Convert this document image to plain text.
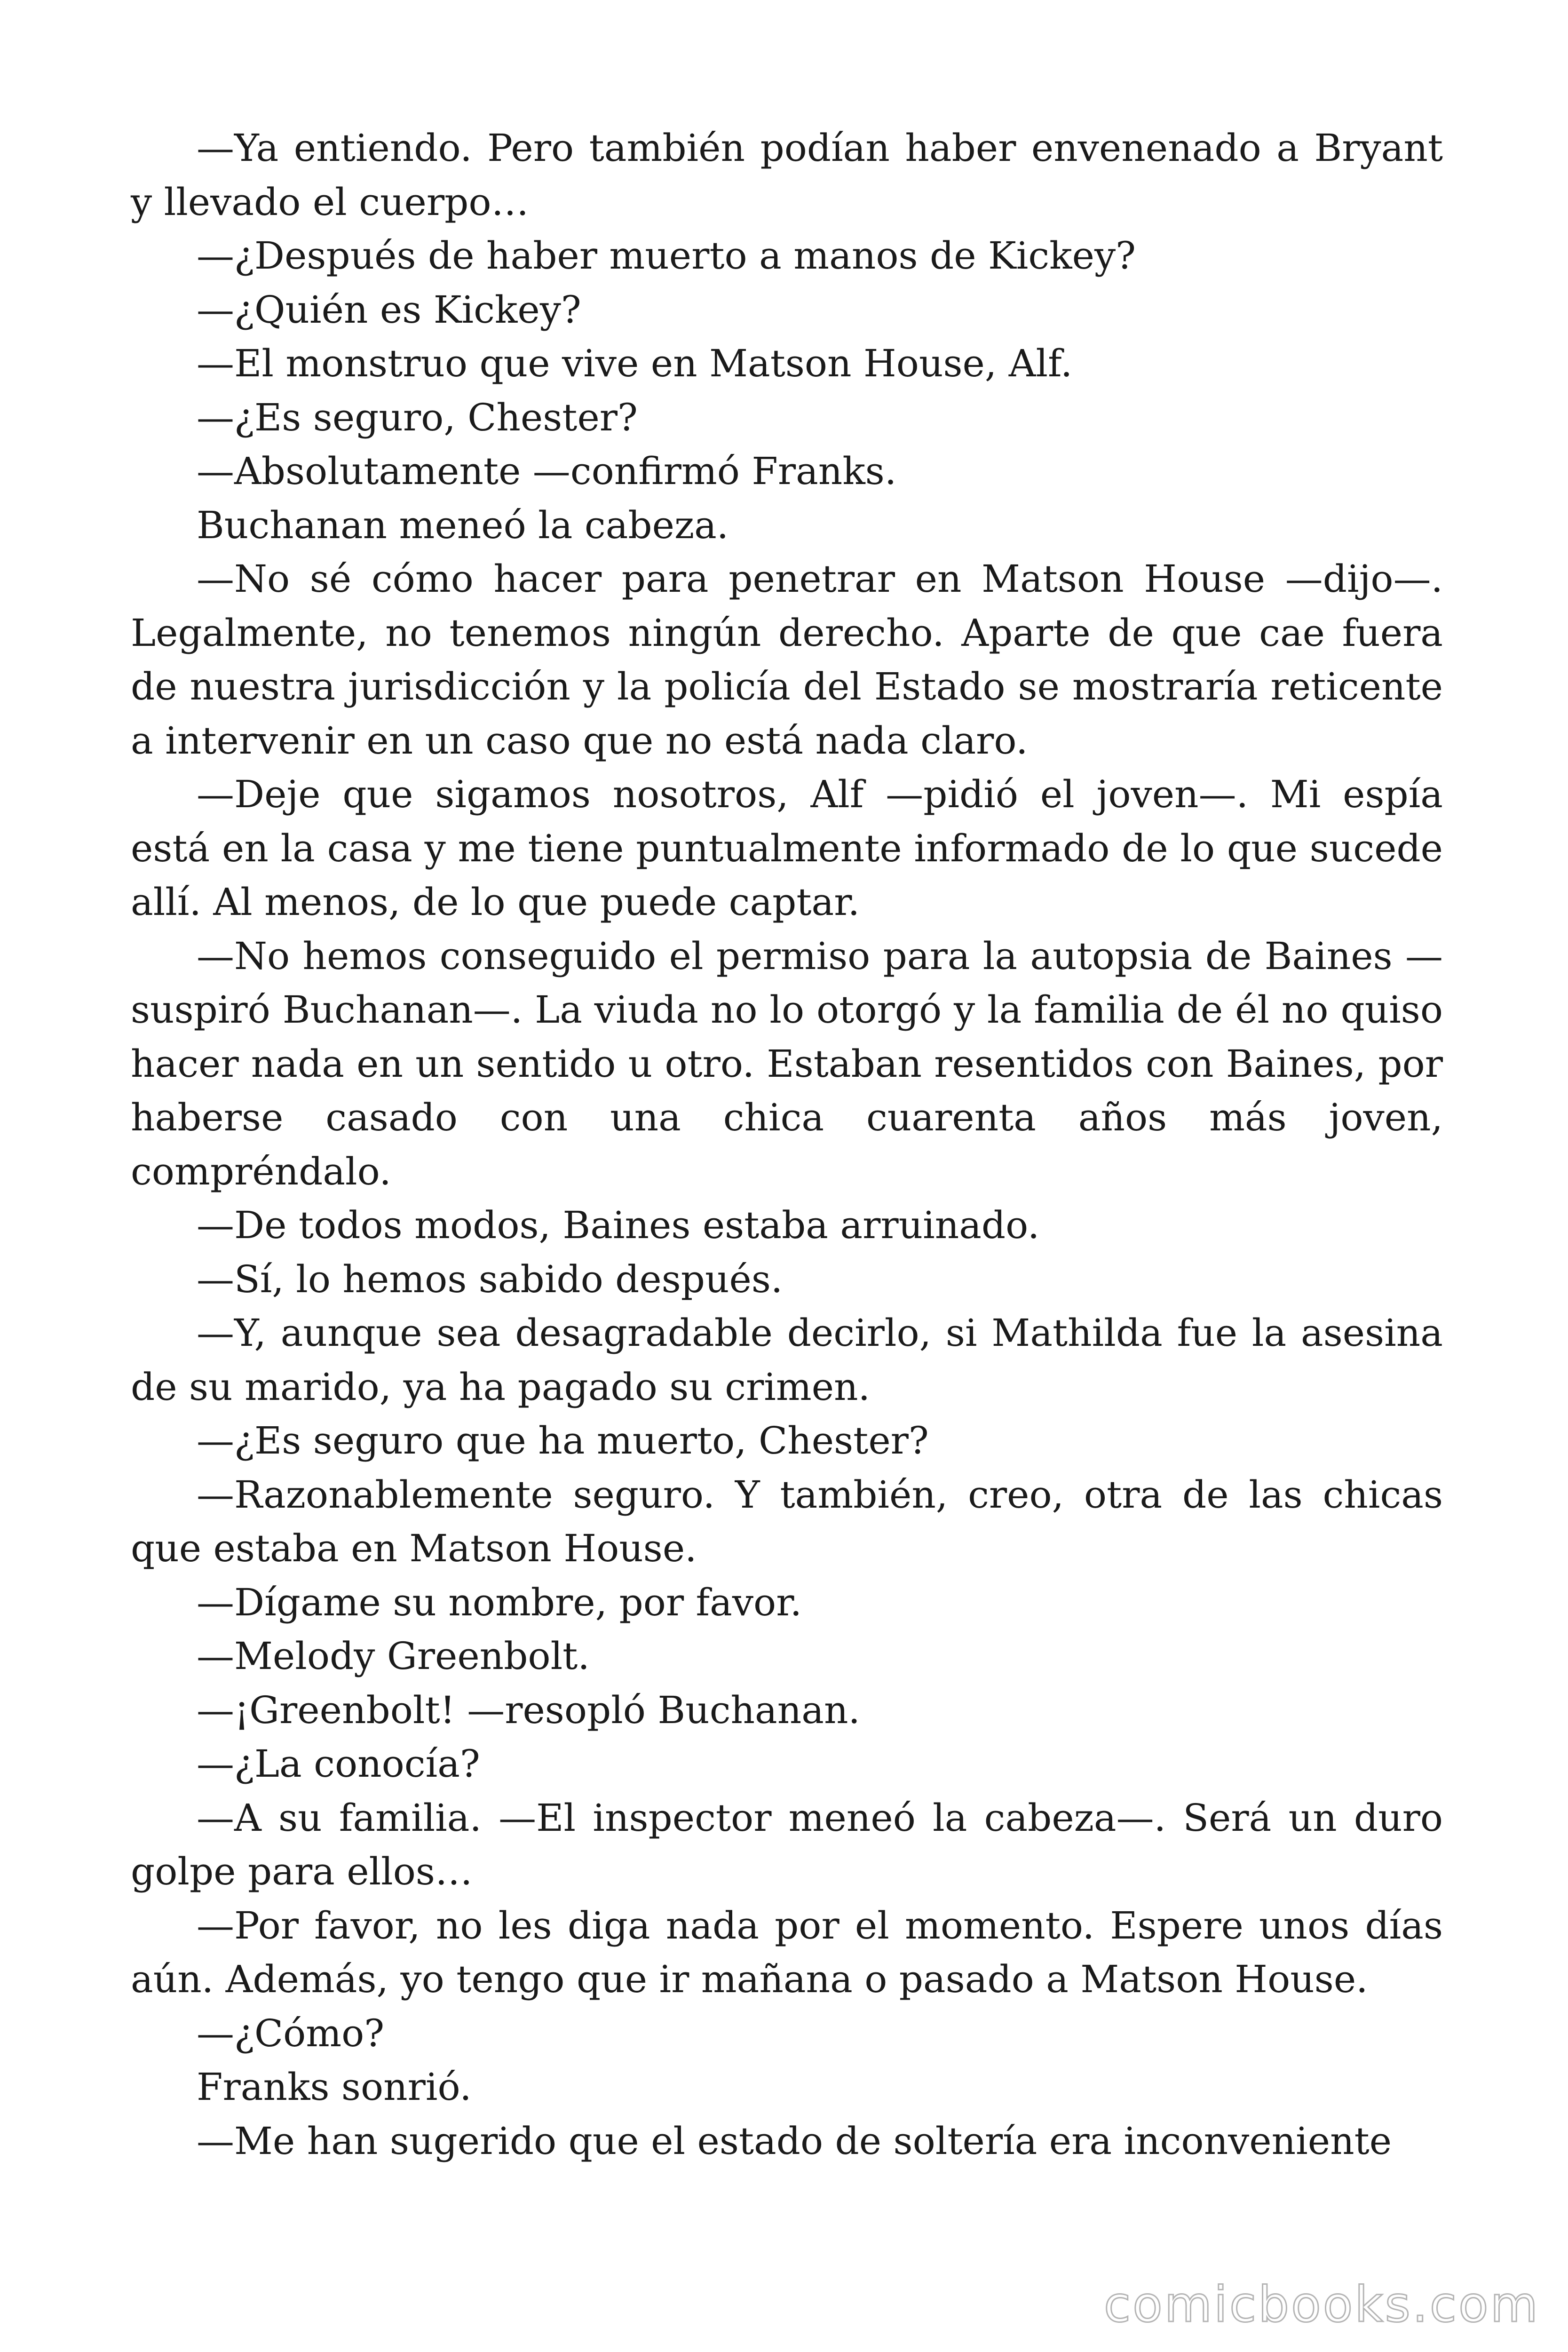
—Ya entiendo. Pero también podían haber envenenado a Bryant y llevado el cuerpo…

—¿Después de haber muerto a manos de Kickey?

—¿Quién es Kickey?

—El monstruo que vive en Matson House, Alf.

—¿Es seguro, Chester?

—Absolutamente —confirmó Franks.

Buchanan meneó la cabeza.

—No sé cómo hacer para penetrar en Matson House —dijo—. Legalmente, no tenemos ningún derecho. Aparte de que cae fuera de nuestra jurisdicción y la policía del Estado se mostraría reticente a intervenir en un caso que no está nada claro.

—Deje que sigamos nosotros, Alf —pidió el joven—. Mi espía está en la casa y me tiene puntualmente informado de lo que sucede allí. Al menos, de lo que puede captar.

—No hemos conseguido el permiso para la autopsia de Baines —suspiró Buchanan—. La viuda no lo otorgó y la familia de él no quiso hacer nada en un sentido u otro. Estaban resentidos con Baines, por haberse casado con una chica cuarenta años más joven, compréndalo.

—De todos modos, Baines estaba arruinado.

—Sí, lo hemos sabido después.

—Y, aunque sea desagradable decirlo, si Mathilda fue la asesina de su marido, ya ha pagado su crimen.

—¿Es seguro que ha muerto, Chester?

—Razonablemente seguro. Y también, creo, otra de las chicas que estaba en Matson House.

—Dígame su nombre, por favor.

—Melody Greenbolt.

—¡Greenbolt! —resopló Buchanan.

—¿La conocía?

—A su familia. —El inspector meneó la cabeza—. Será un duro golpe para ellos…

—Por favor, no les diga nada por el momento. Espere unos días aún. Además, yo tengo que ir mañana o pasado a Matson House.

—¿Cómo?

Franks sonrió.

—Me han sugerido que el estado de soltería era inconveniente

comicbooks.com
